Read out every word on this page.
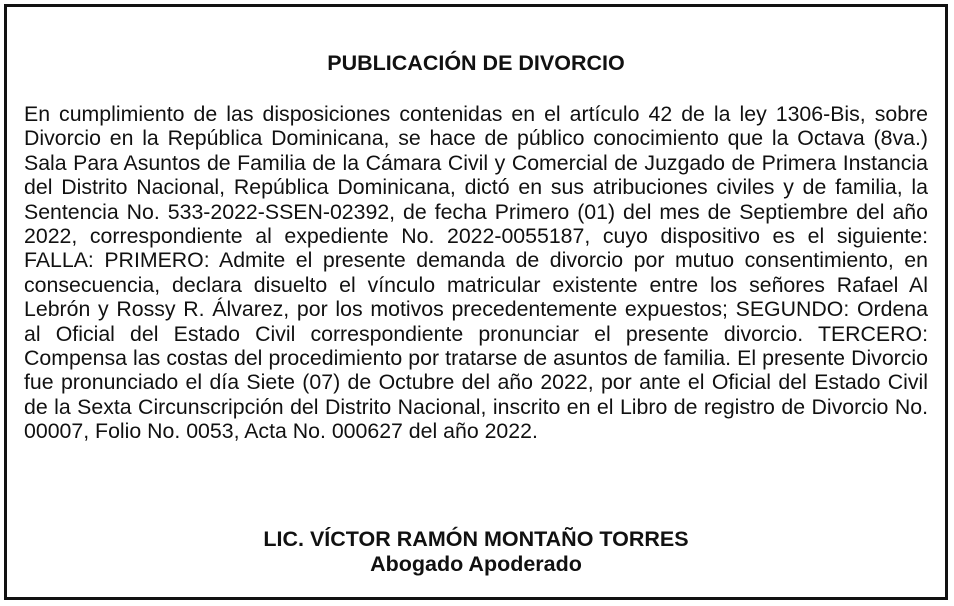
PUBLICACIÓN DE DIVORCIO

En cumplimiento de las disposiciones contenidas en el artículo 42 de la ley 1306-Bis, sobre Divorcio en la República Dominicana, se hace de público conocimiento que la Octava (8va.) Sala Para Asuntos de Familia de la Cámara Civil y Comercial de Juzgado de Primera Instancia del Distrito Nacional, República Dominicana, dictó en sus atribuciones civiles y de familia, la Sentencia No. 533-2022-SSEN-02392, de fecha Primero (01) del mes de Septiembre del año 2022, correspondiente al expediente No. 2022-0055187, cuyo dispositivo es el siguiente: FALLA: PRIMERO: Admite el presente demanda de divorcio por mutuo consentimiento, en consecuencia, declara disuelto el vínculo matricular existente entre los señores Rafael Al Lebrón y Rossy R. Álvarez, por los motivos precedentemente expuestos; SEGUNDO: Ordena al Oficial del Estado Civil correspondiente pronunciar el presente divorcio. TERCERO: Compensa las costas del procedimiento por tratarse de asuntos de familia. El presente Divorcio fue pronunciado el día Siete (07) de Octubre del año 2022, por ante el Oficial del Estado Civil de la Sexta Circunscripción del Distrito Nacional, inscrito en el Libro de registro de Divorcio No. 00007, Folio No. 0053, Acta No. 000627 del año 2022.

LIC. VÍCTOR RAMÓN MONTAÑO TORRES
Abogado Apoderado
